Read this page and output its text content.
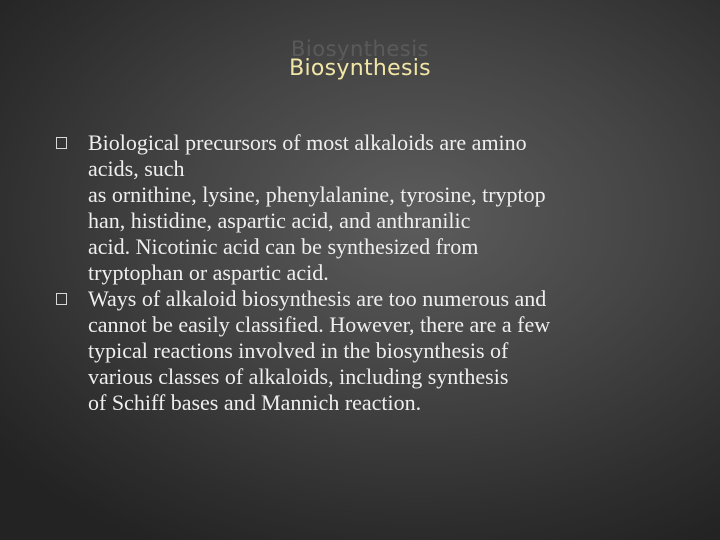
Biosynthesis
Biosynthesis
Biological precursors of most alkaloids are amino
acids, such
as ornithine, lysine, phenylalanine, tyrosine, tryptop
han, histidine, aspartic acid, and anthranilic
acid. Nicotinic acid can be synthesized from
tryptophan or aspartic acid.
Ways of alkaloid biosynthesis are too numerous and
cannot be easily classified. However, there are a few
typical reactions involved in the biosynthesis of
various classes of alkaloids, including synthesis
of Schiff bases and Mannich reaction.
